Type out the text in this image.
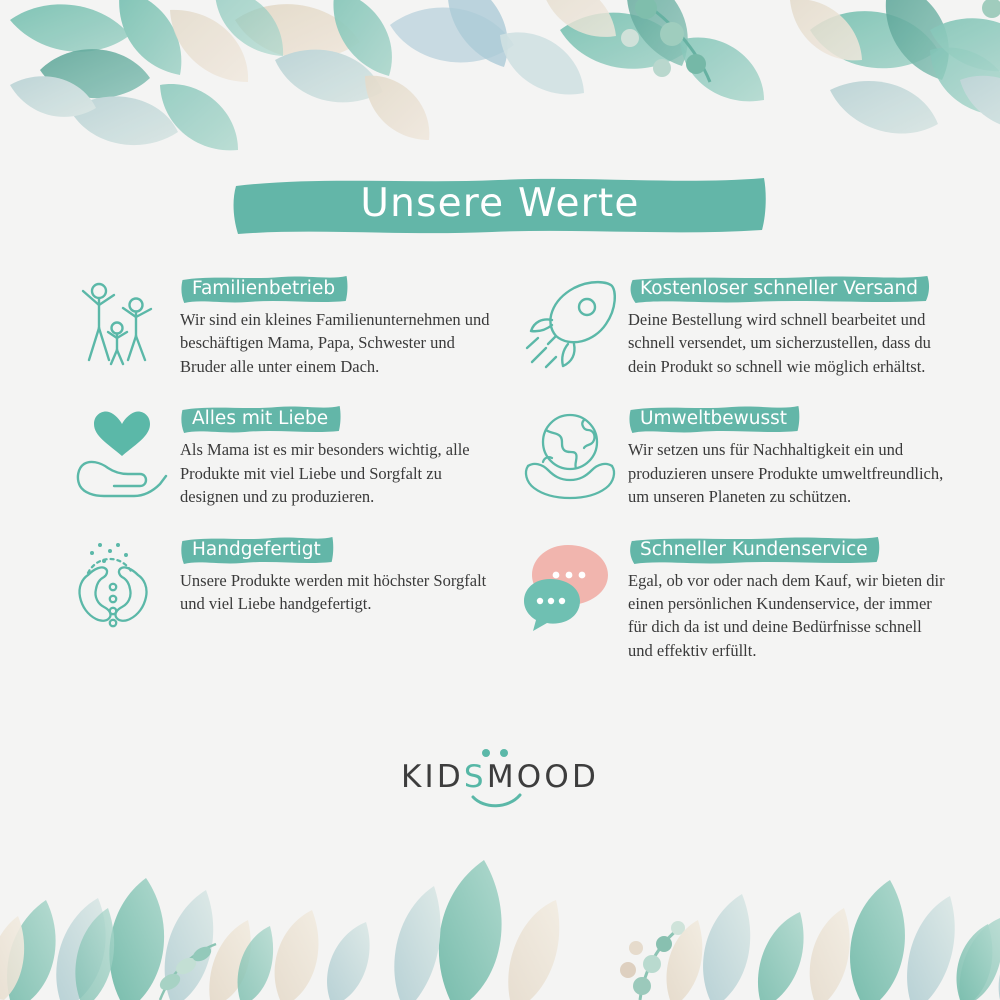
Unsere Werte
Familienbetrieb
Wir sind ein kleines Familienunternehmen und beschäftigen Mama, Papa, Schwester und Bruder alle unter einem Dach.
Kostenloser schneller Versand
Deine Bestellung wird schnell bearbeitet und schnell versendet, um sicherzustellen, dass du dein Produkt so schnell wie möglich erhältst.
Alles mit Liebe
Als Mama ist es mir besonders wichtig, alle Produkte mit viel Liebe und Sorgfalt zu designen und zu produzieren.
Umweltbewusst
Wir setzen uns für Nachhaltigkeit ein und produzieren unsere Produkte umweltfreundlich, um unseren Planeten zu schützen.
Handgefertigt
Unsere Produkte werden mit höchster Sorgfalt und viel Liebe handgefertigt.
Schneller Kundenservice
Egal, ob vor oder nach dem Kauf, wir bieten dir einen persönlichen Kundenservice, der immer für dich da ist und deine Bedürfnisse schnell und effektiv erfüllt.
KIDSMOOD
